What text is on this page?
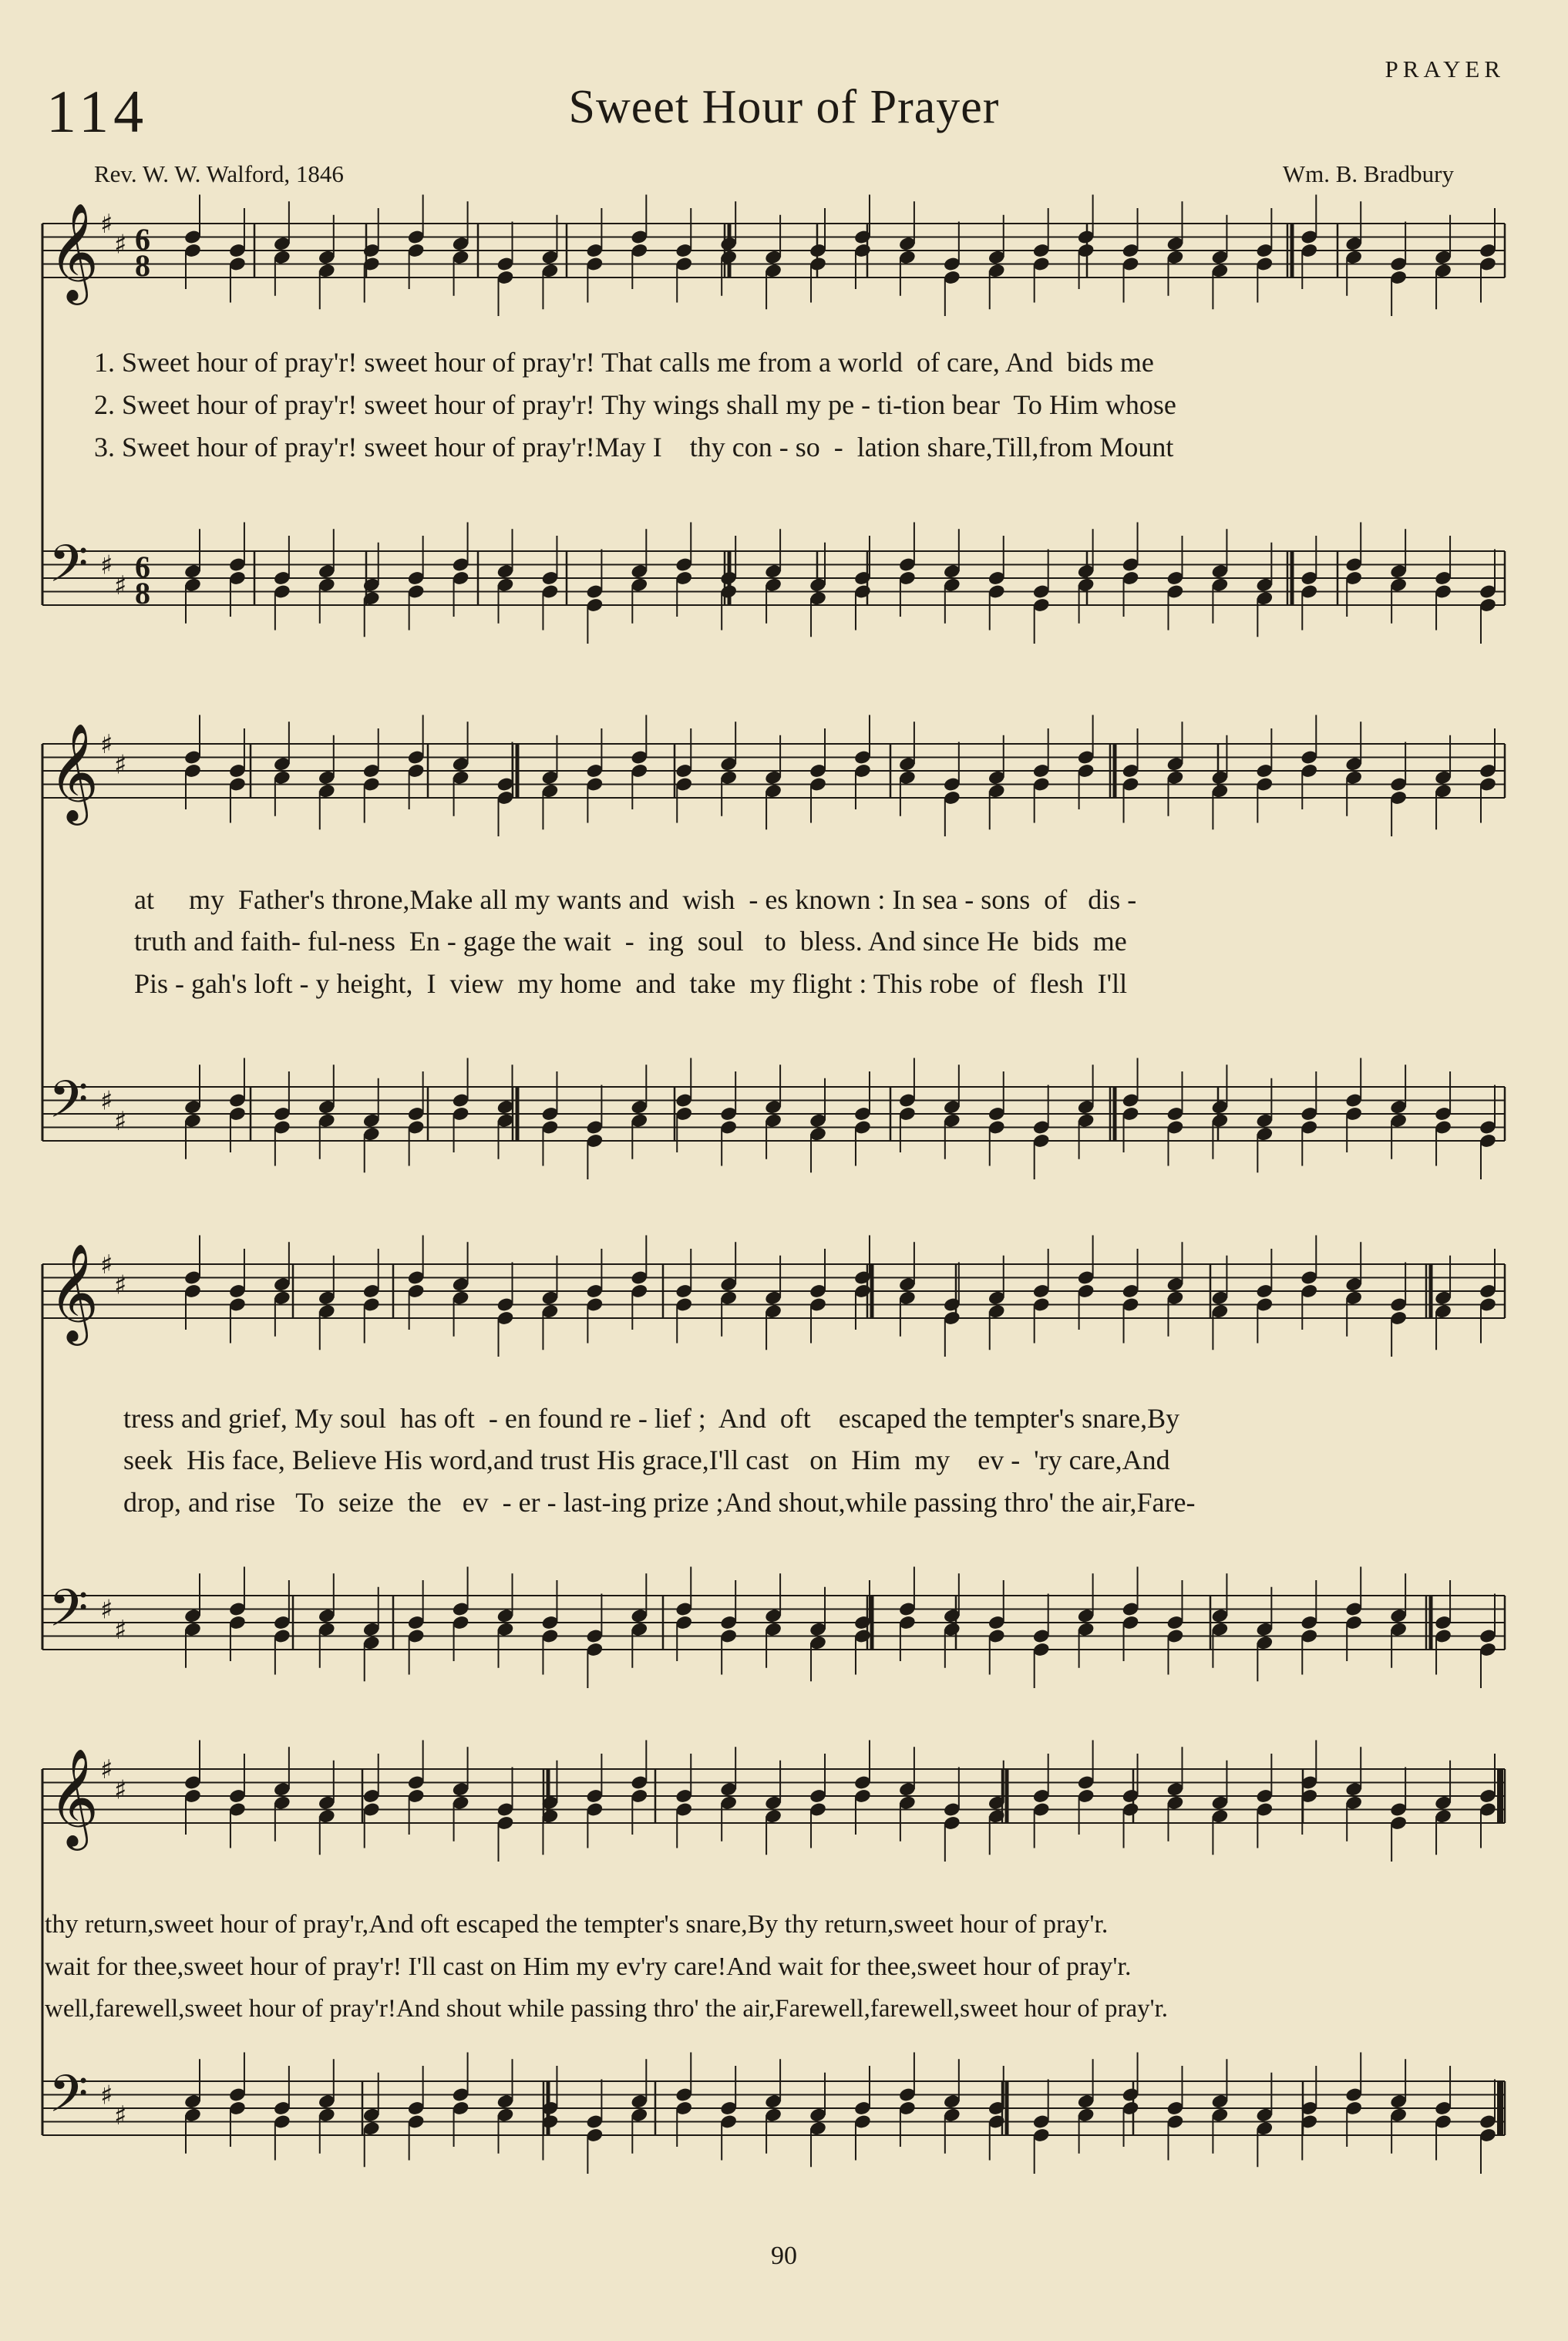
114	Sweet Hour of Prayer
PRAYER
Rev. W. W. Walford, 1846	Wm. B. Bradbury
𝄞 ♯
♯ 6
8
𝄢 ♯
♯
6
8
𝄞 ♯
♯
𝄢 ♯
♯
𝄞 ♯
♯
𝄢 ♯
♯
𝄞 ♯
♯
𝄢 ♯
♯
1. Sweet hour of pray'r! sweet hour of pray'r! That calls me from a world  of care, And  bids me
2. Sweet hour of pray'r! sweet hour of pray'r! Thy wings shall my pe - ti-tion bear  To Him whose
3. Sweet hour of pray'r! sweet hour of pray'r!May I    thy con - so  -  lation share,Till,from Mount
at     my  Father's throne,Make all my wants and  wish  - es known : In sea - sons  of   dis -
truth and faith- ful-ness  En - gage the wait  -  ing  soul   to  bless. And since He  bids  me
Pis - gah's loft - y height,  I  view  my home  and  take  my flight : This robe  of  flesh  I'll
tress and grief, My soul  has oft  - en found re - lief ;  And  oft    escaped the tempter's snare,By
seek  His face, Believe His word,and trust His grace,I'll cast   on  Him  my    ev -  'ry care,And
drop, and rise   To  seize  the   ev  - er - last-ing prize ;And shout,while passing thro' the air,Fare-
thy return,sweet hour of pray'r,And oft escaped the tempter's snare,By thy return,sweet hour of pray'r.
wait for thee,sweet hour of pray'r! I'll cast on Him my ev'ry care!And wait for thee,sweet hour of pray'r.
well,farewell,sweet hour of pray'r!And shout while passing thro' the air,Farewell,farewell,sweet hour of pray'r.
90
